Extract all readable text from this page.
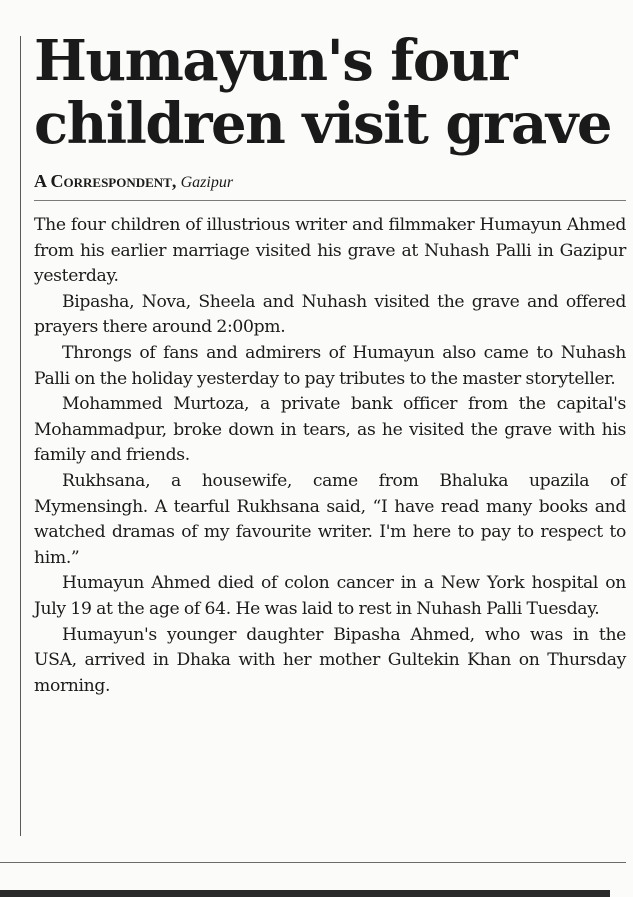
Humayun's four
children visit grave
A Correspondent, Gazipur

The four children of illustrious writer and filmmaker Humayun Ahmed from his earlier marriage visited his grave at Nuhash Palli in Gazipur yesterday.

Bipasha, Nova, Sheela and Nuhash visited the grave and offered prayers there around 2:00pm.

Throngs of fans and admirers of Humayun also came to Nuhash Palli on the holiday yesterday to pay tributes to the master storyteller.

Mohammed Murtoza, a private bank officer from the capital's Mohammadpur, broke down in tears, as he visited the grave with his family and friends.

Rukhsana, a housewife, came from Bhaluka upazila of Mymensingh. A tearful Rukhsana said, “I have read many books and watched dramas of my favourite writer. I'm here to pay to respect to him.”

Humayun Ahmed died of colon cancer in a New York hospital on July 19 at the age of 64. He was laid to rest in Nuhash Palli Tuesday.

Humayun's younger daughter Bipasha Ahmed, who was in the USA, arrived in Dhaka with her mother Gultekin Khan on Thursday morning.
